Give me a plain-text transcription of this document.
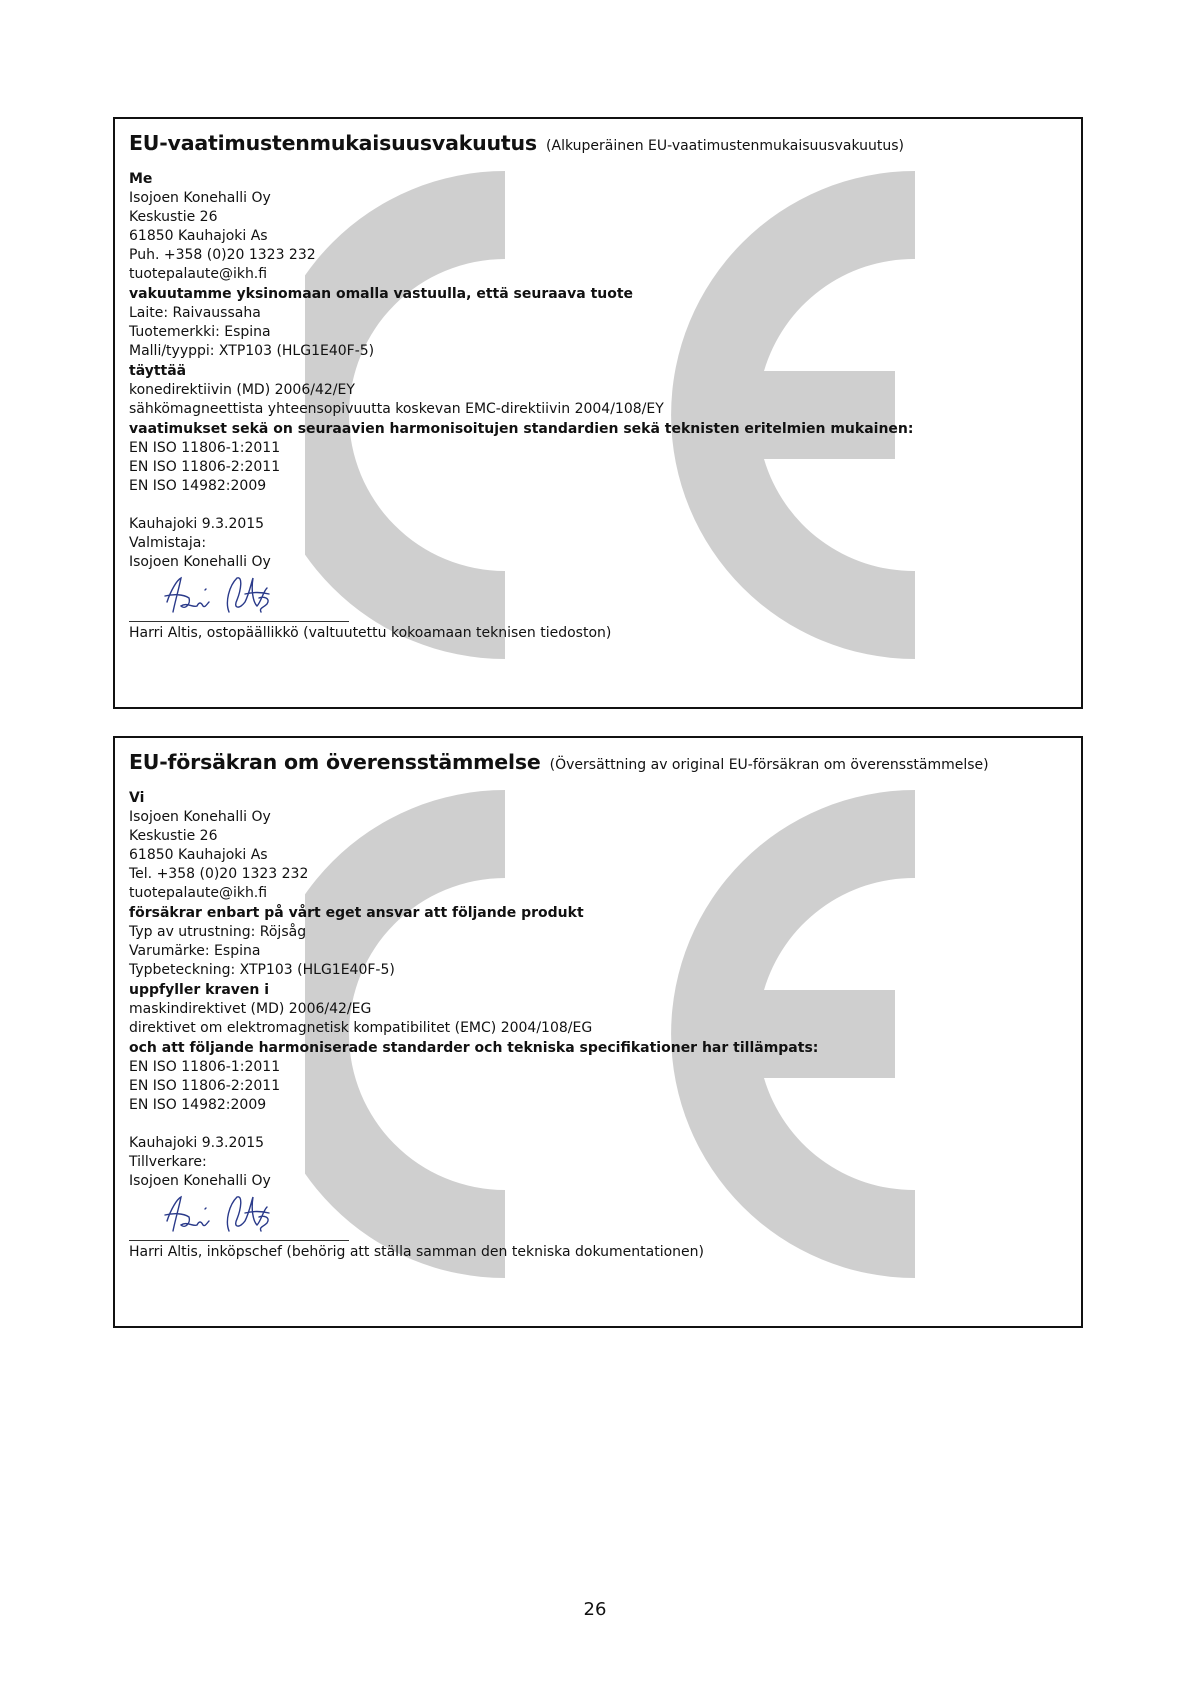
EU-vaatimustenmukaisuusvakuutus (Alkuperäinen EU-vaatimustenmukaisuusvakuutus)

Me

Isojoen Konehalli Oy

Keskustie 26

61850 Kauhajoki As

Puh. +358 (0)20 1323 232

tuotepalaute@ikh.fi

vakuutamme yksinomaan omalla vastuulla, että seuraava tuote

Laite: Raivaussaha

Tuotemerkki: Espina

Malli/tyyppi: XTP103 (HLG1E40F-5)

täyttää

konedirektiivin (MD) 2006/42/EY

sähkömagneettista yhteensopivuutta koskevan EMC-direktiivin 2004/108/EY

vaatimukset sekä on seuraavien harmonisoitujen standardien sekä teknisten eritelmien mukainen:

EN ISO 11806-1:2011

EN ISO 11806-2:2011

EN ISO 14982:2009

Kauhajoki 9.3.2015

Valmistaja:

Isojoen Konehalli Oy

Harri Altis, ostopäällikkö (valtuutettu kokoamaan teknisen tiedoston)

EU-försäkran om överensstämmelse (Översättning av original EU-försäkran om överensstämmelse)

Vi

Isojoen Konehalli Oy

Keskustie 26

61850 Kauhajoki As

Tel. +358 (0)20 1323 232

tuotepalaute@ikh.fi

försäkrar enbart på vårt eget ansvar att följande produkt

Typ av utrustning: Röjsåg

Varumärke: Espina

Typbeteckning: XTP103 (HLG1E40F-5)

uppfyller kraven i

maskindirektivet (MD) 2006/42/EG

direktivet om elektromagnetisk kompatibilitet (EMC) 2004/108/EG

och att följande harmoniserade standarder och tekniska specifikationer har tillämpats:

EN ISO 11806-1:2011

EN ISO 11806-2:2011

EN ISO 14982:2009

Kauhajoki 9.3.2015

Tillverkare:

Isojoen Konehalli Oy

Harri Altis, inköpschef (behörig att ställa samman den tekniska dokumentationen)

26
